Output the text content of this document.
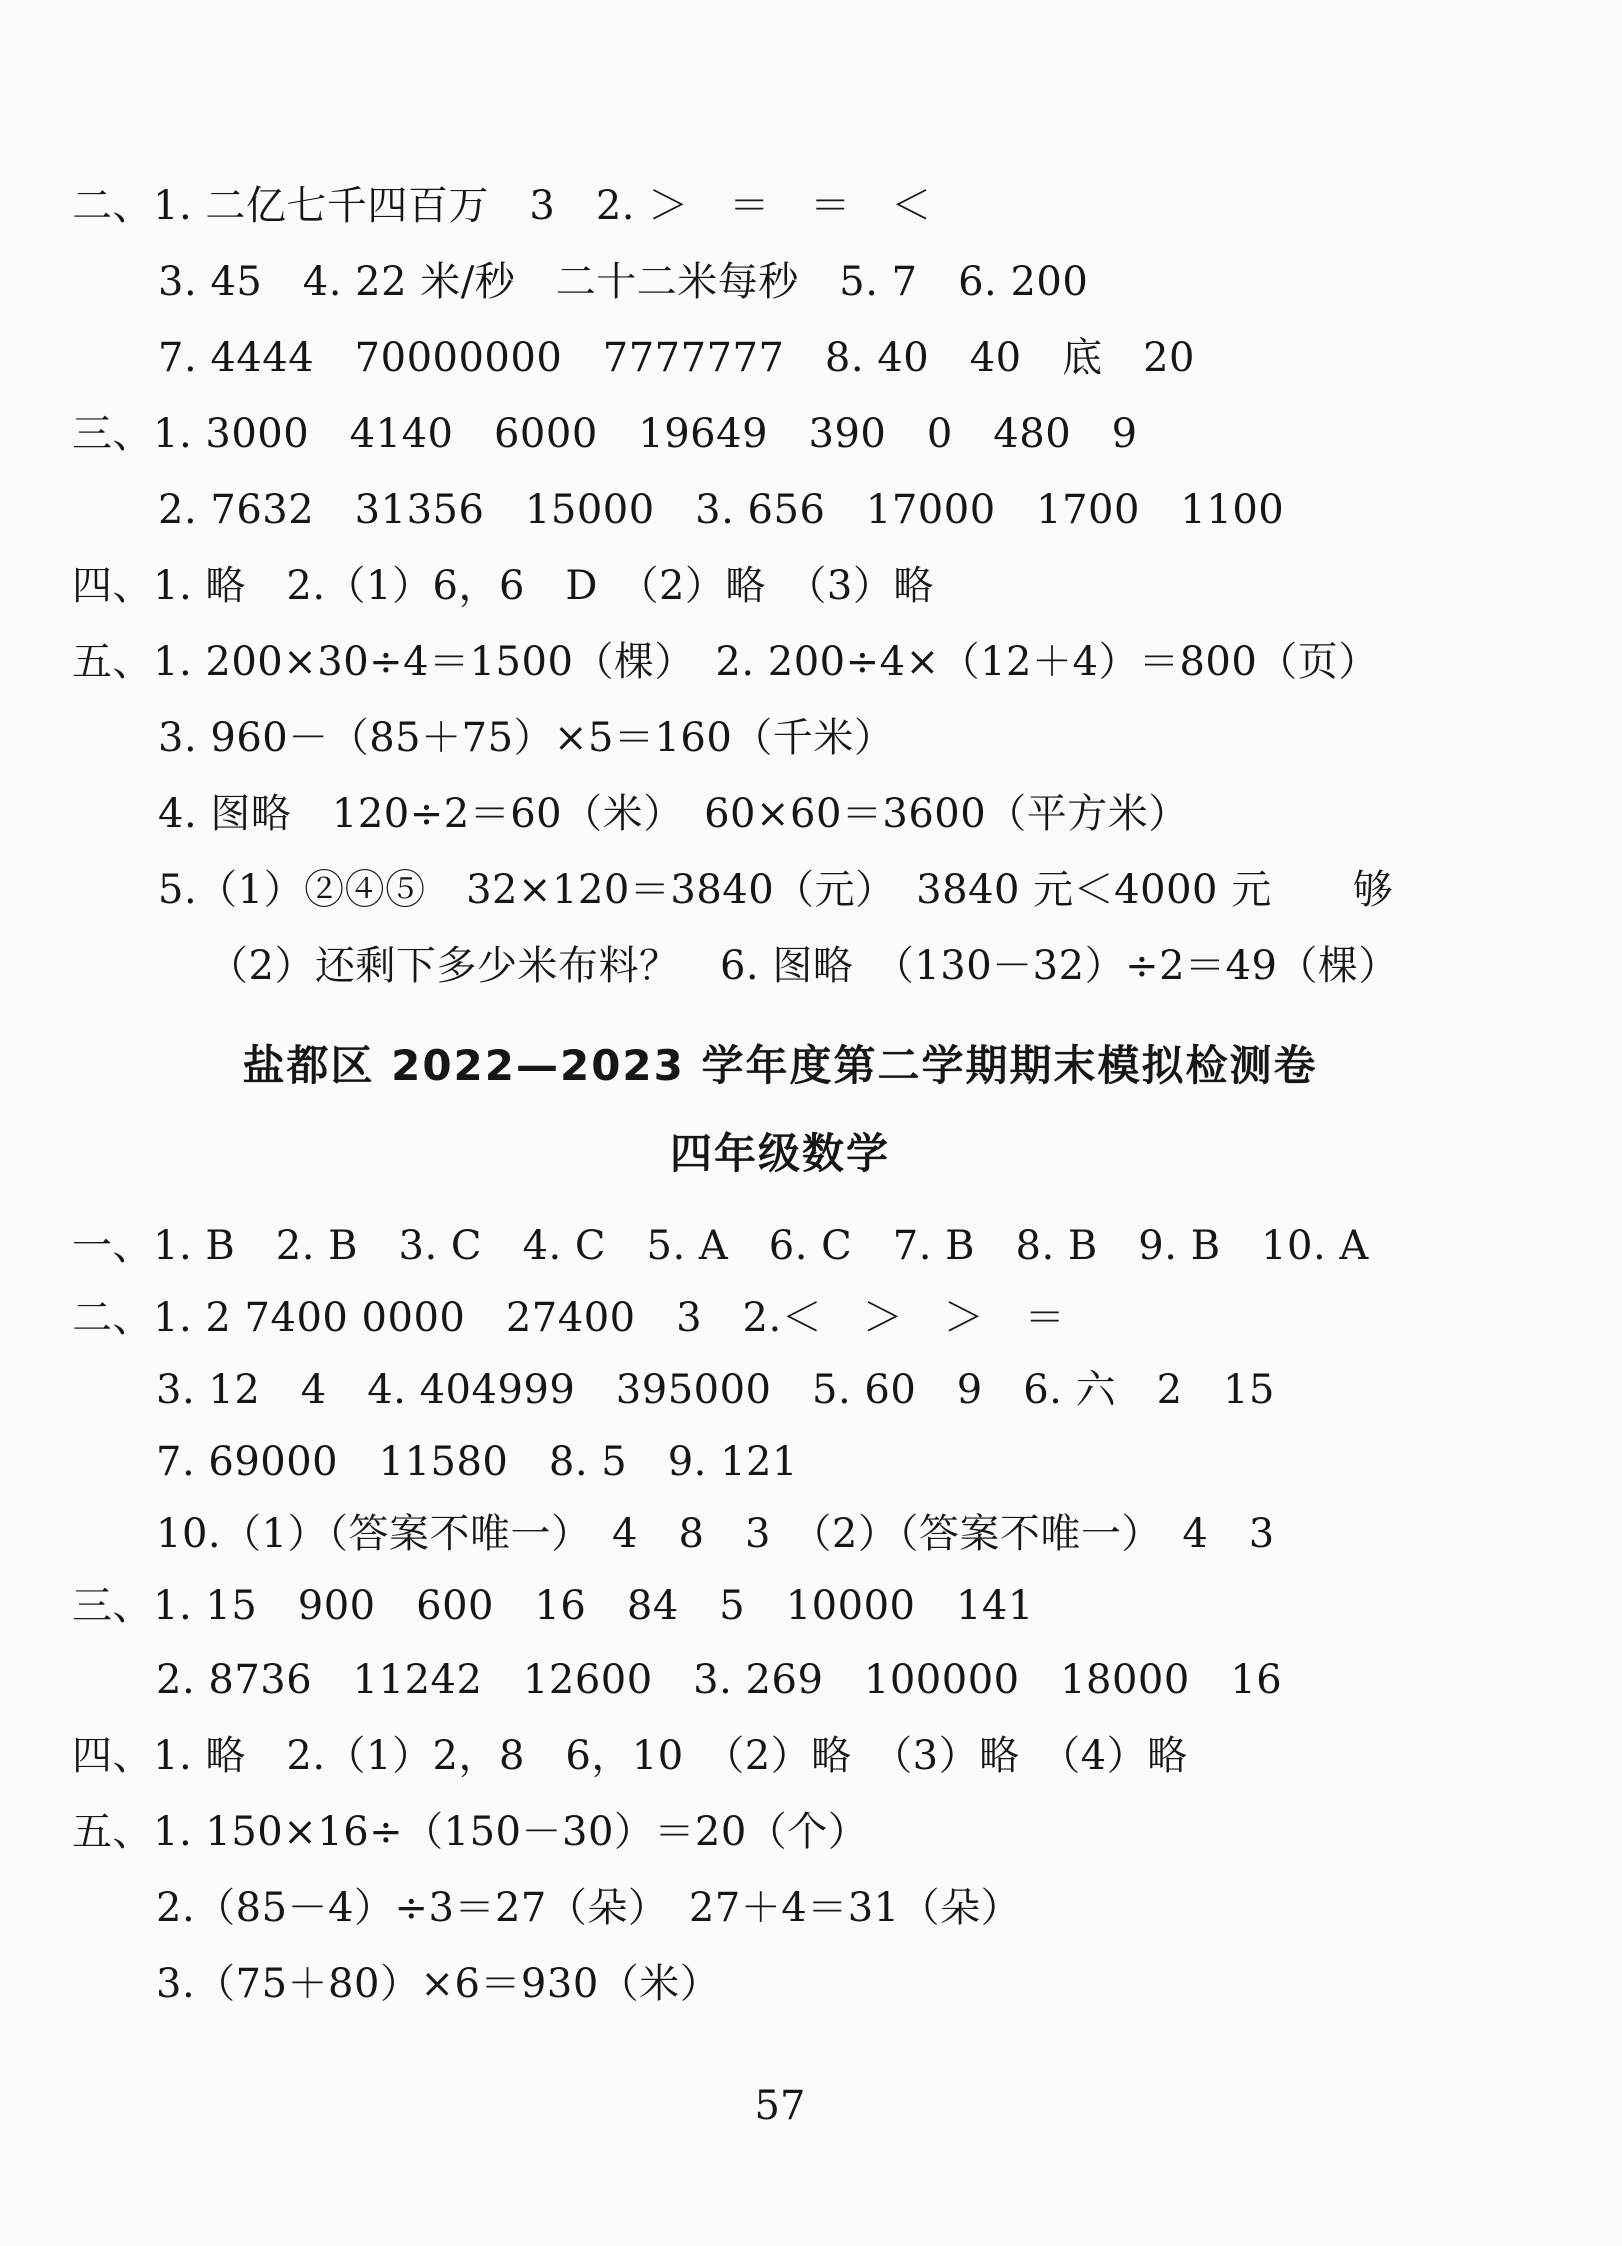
二、1. 二亿七千四百万　3　2. ＞　＝　＝　＜
3. 45　4. 22 米/秒　二十二米每秒　5. 7　6. 200
7. 4444　70000000　7777777　8. 40　40　底　20
三、1. 3000　4140　6000　19649　390　0　480　9
2. 7632　31356　15000　3. 656　17000　1700　1100
四、1. 略　2.（1）6，6　D　（2）略　（3）略
五、1. 200×30÷4＝1500（棵）　2. 200÷4×（12＋4）＝800（页）
3. 960－（85＋75）×5＝160（千米）
4. 图略　120÷2＝60（米）　60×60＝3600（平方米）
5.（1）②④⑤　32×120＝3840（元）　3840 元＜4000 元　　够
（2）还剩下多少米布料？　6. 图略　（130－32）÷2＝49（棵）
盐都区 2022—2023 学年度第二学期期末模拟检测卷
四年级数学
一、1. B　2. B　3. C　4. C　5. A　6. C　7. B　8. B　9. B　10. A
二、1. 2 7400 0000　27400　3　2.＜　＞　＞　＝
3. 12　4　4. 404999　395000　5. 60　9　6. 六　2　15
7. 69000　11580　8. 5　9. 121
10.（1）（答案不唯一）　4　8　3　（2）（答案不唯一）　4　3
三、1. 15　900　600　16　84　5　10000　141
2. 8736　11242　12600　3. 269　100000　18000　16
四、1. 略　2.（1）2，8　6，10　（2）略　（3）略　（4）略
五、1. 150×16÷（150－30）＝20（个）
2.（85－4）÷3＝27（朵）　27＋4＝31（朵）
3.（75＋80）×6＝930（米）
57
